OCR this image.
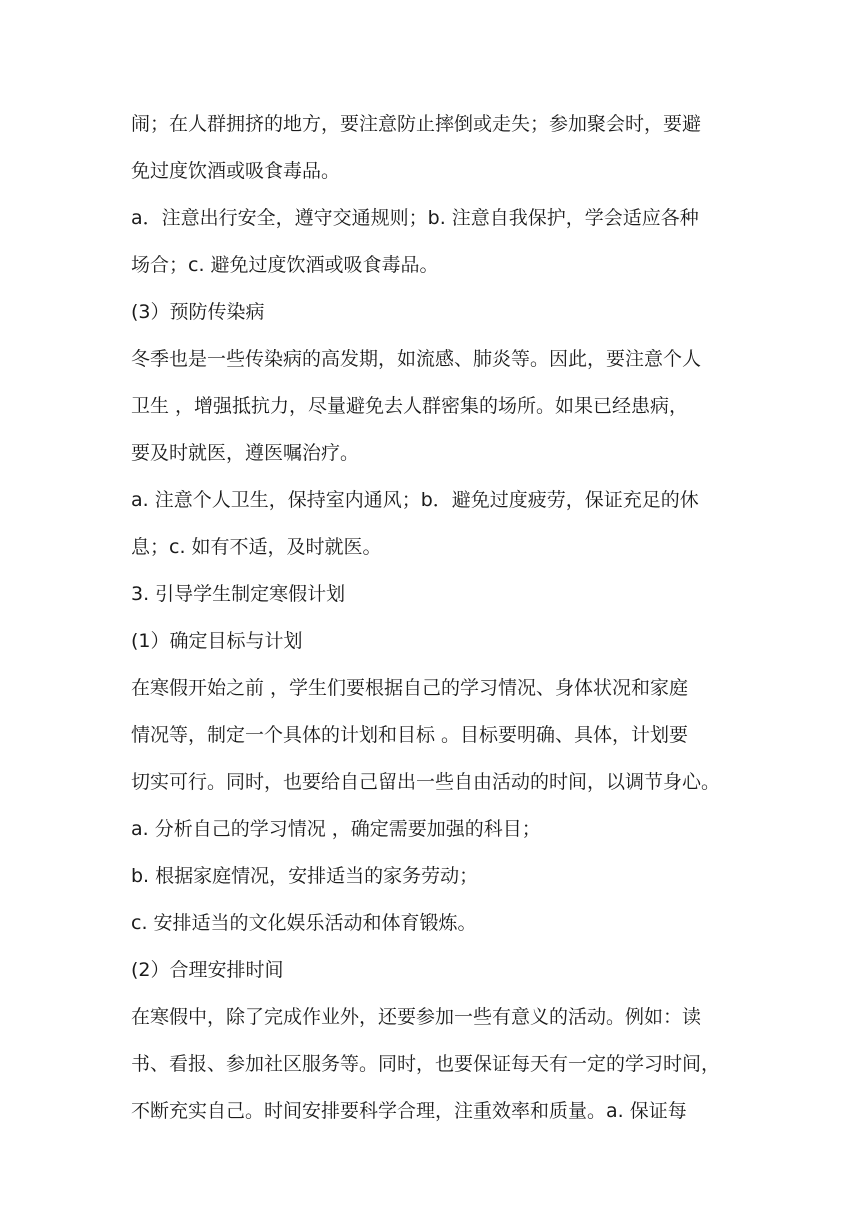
闹；在人群拥挤的地方，要注意防止摔倒或走失；参加聚会时，要避
免过度饮酒或吸食毒品。
a．注意出行安全，遵守交通规则；b. 注意自我保护，学会适应各种
场合；c. 避免过度饮酒或吸食毒品。
(3）预防传染病
冬季也是一些传染病的高发期，如流感、肺炎等。因此，要注意个人
卫生 ，增强抵抗力，尽量避免去人群密集的场所。如果已经患病，
要及时就医，遵医嘱治疗。
a. 注意个人卫生，保持室内通风；b．避免过度疲劳，保证充足的休
息；c. 如有不适，及时就医。
3. 引导学生制定寒假计划
(1）确定目标与计划
在寒假开始之前 ，学生们要根据自己的学习情况、身体状况和家庭
情况等，制定一个具体的计划和目标 。目标要明确、具体，计划要
切实可行。同时，也要给自己留出一些自由活动的时间，以调节身心。
a. 分析自己的学习情况 ，确定需要加强的科目；
b. 根据家庭情况，安排适当的家务劳动；
c. 安排适当的文化娱乐活动和体育锻炼。
(2）合理安排时间
在寒假中，除了完成作业外，还要参加一些有意义的活动。例如：读
书、看报、参加社区服务等。同时，也要保证每天有一定的学习时间，
不断充实自己。时间安排要科学合理，注重效率和质量。a. 保证每
